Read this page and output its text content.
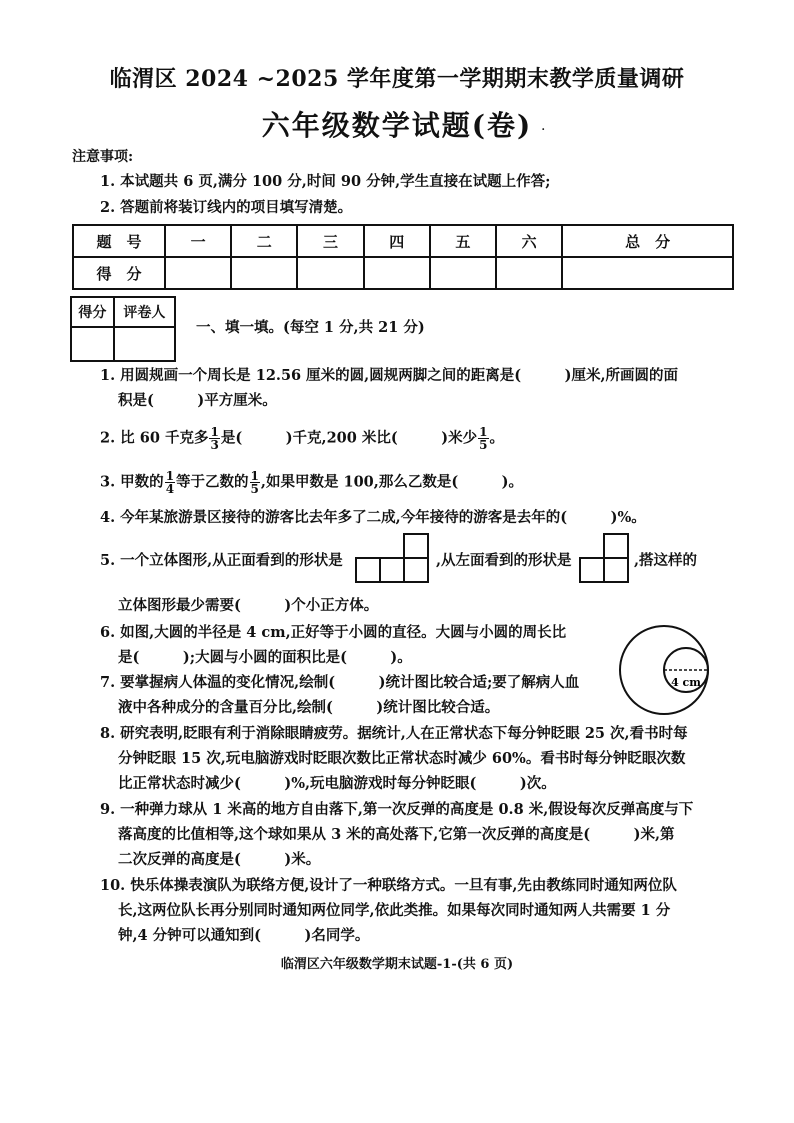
临渭区 2024 ~2025 学年度第一学期期末教学质量调研
六年级数学试题(卷) .
注意事项:
1. 本试题共 6 页,满分 100 分,时间 90 分钟,学生直接在试题上作答;
2. 答题前将装订线内的项目填写清楚。
题　号	一	二	三	四	五	六	总　分
得　分							
得分	评卷人

一、填一填。(每空 1 分,共 21 分)
1. 用圆规画一个周长是 12.56 厘米的圆,圆规两脚之间的距离是(　　　)厘米,所画圆的面
积是(　　　)平方厘米。
2. 比 60 千克多 $\frac{1}{3}$ 是(　　　)千克,200 米比(　　　)米少 $\frac{1}{5}$ 。
3. 甲数的 $\frac{1}{4}$ 等于乙数的 $\frac{1}{5}$ ,如果甲数是 100,那么乙数是(　　　)。
4. 今年某旅游景区接待的游客比去年多了二成,今年接待的游客是去年的(　　　)%。
5. 一个立体图形,从正面看到的形状是	,从左面看到的形状是	,搭这样的
立体图形最少需要(　　　)个小正方体。
6. 如图,大圆的半径是 4 cm,正好等于小圆的直径。大圆与小圆的周长比
是(　　　);大圆与小圆的面积比是(　　　)。
4 cm
7. 要掌握病人体温的变化情况,绘制(　　　)统计图比较合适;要了解病人血
液中各种成分的含量百分比,绘制(　　　)统计图比较合适。
8. 研究表明,眨眼有利于消除眼睛疲劳。据统计,人在正常状态下每分钟眨眼 25 次,看书时每
分钟眨眼 15 次,玩电脑游戏时眨眼次数比正常状态时减少 60%。看书时每分钟眨眼次数
比正常状态时减少(　　　)%,玩电脑游戏时每分钟眨眼(　　　)次。
9. 一种弹力球从 1 米高的地方自由落下,第一次反弹的高度是 0.8 米,假设每次反弹高度与下
落高度的比值相等,这个球如果从 3 米的高处落下,它第一次反弹的高度是(　　　)米,第
二次反弹的高度是(　　　)米。
10. 快乐体操表演队为联络方便,设计了一种联络方式。一旦有事,先由教练同时通知两位队
长,这两位队长再分别同时通知两位同学,依此类推。如果每次同时通知两人共需要 1 分
钟,4 分钟可以通知到(　　　)名同学。
临渭区六年级数学期末试题-1-(共 6 页)
